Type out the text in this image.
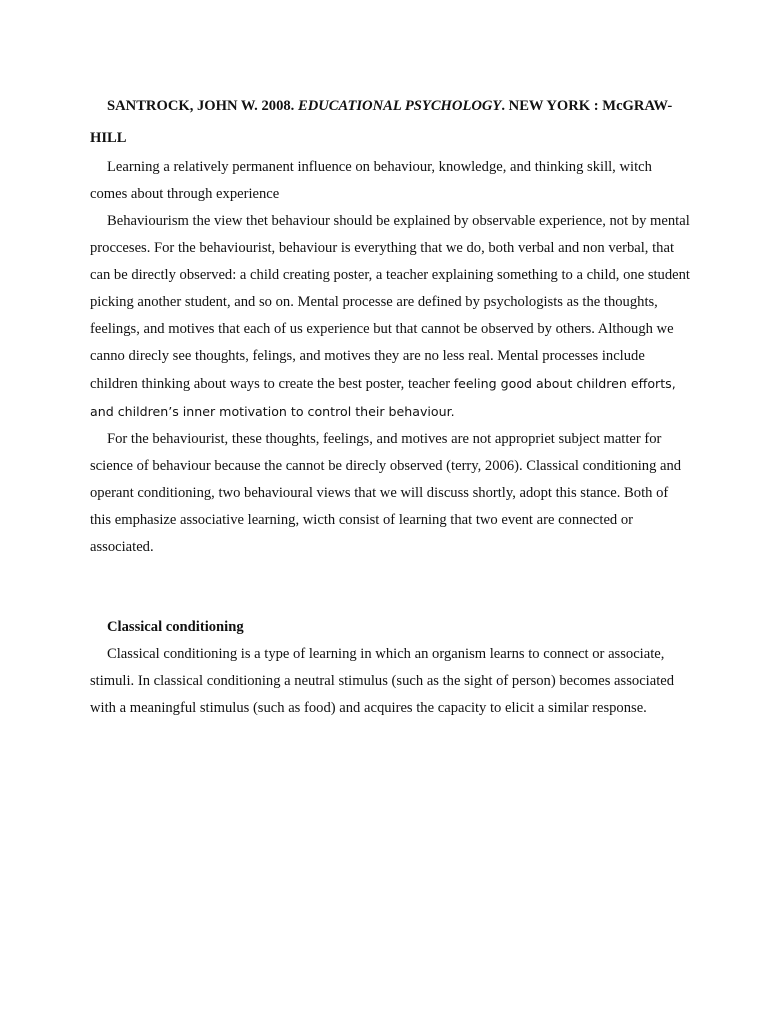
SANTROCK, JOHN W. 2008. EDUCATIONAL PSYCHOLOGY. NEW YORK : McGRAW-HILL

Learning a relatively permanent influence on behaviour, knowledge, and thinking skill, witch comes about through experience

Behaviourism the view thet behaviour should be explained by observable experience, not by mental procceses. For the behaviourist, behaviour is everything that we do, both verbal and non verbal, that can be directly observed: a child creating poster, a teacher explaining something to a child, one student picking another student, and so on. Mental processe are defined by psychologists as the thoughts, feelings, and motives that each of us experience but that cannot be observed by others. Although we canno direcly see thoughts, felings, and motives they are no less real. Mental processes include children thinking about ways to create the best poster, teacher feeling good about children efforts, and children’s inner motivation to control their behaviour.

For the behaviourist, these thoughts, feelings, and motives are not appropriet subject matter for science of behaviour because the cannot be direcly observed (terry, 2006). Classical conditioning and operant conditioning, two behavioural views that we will discuss shortly, adopt this stance. Both of this emphasize associative learning, wicth consist of learning that two event are connected or associated.

Classical conditioning

Classical conditioning is a type of learning in which an organism learns to connect or associate, stimuli. In classical conditioning a neutral stimulus (such as the sight of person) becomes associated with a meaningful stimulus (such as food) and acquires the capacity to elicit a similar response.
